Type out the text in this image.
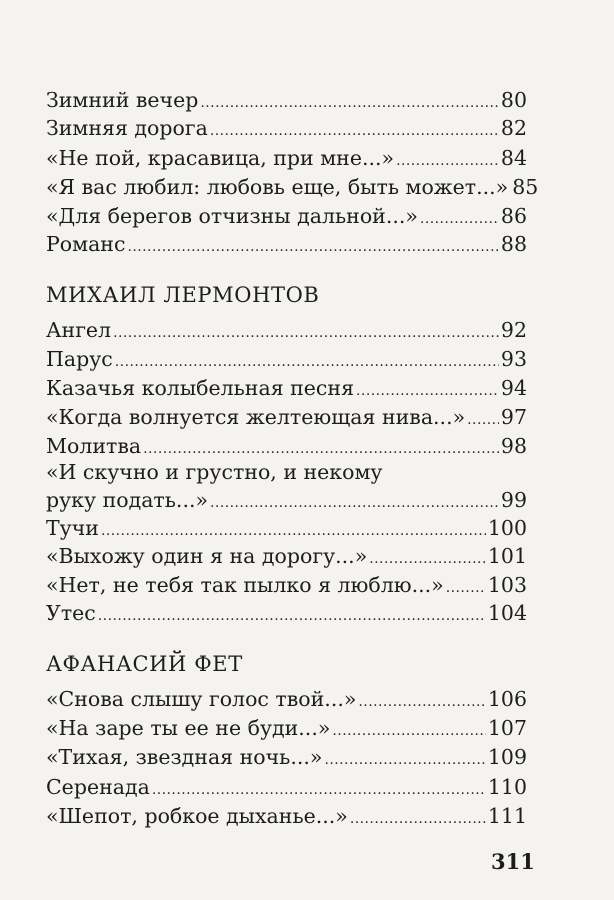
Зимний вечер . . .	80
Зимняя дорога . . .	82
«Не пой, красавица, при мне...» . . .	84
«Я вас любил: любовь еще, быть может...» 85
«Для берегов отчизны дальной...» . . .	86
Романс . . .	88
МИХАИЛ ЛЕРМОНТОВ
Ангел . . .	92
Парус . . .	93
Казачья колыбельная песня . . .	94
«Когда волнуется желтеющая нива...» . . . 97
Молитва . . .	98
«И скучно и грустно, и некому
руку подать...» . . .	99
Тучи . . .	100
«Выхожу один я на дорогу...» . . .	101
«Нет, не тебя так пылко я люблю...» . . . 103
Утес . . .	104
АФАНАСИЙ ФЕТ
«Снова слышу голос твой...» . . .	106
«На заре ты ее не буди...» . . .	107
«Тихая, звездная ночь...» . . .	109
Серенада . . .	110
«Шепот, робкое дыханье...» . . .	111
311
